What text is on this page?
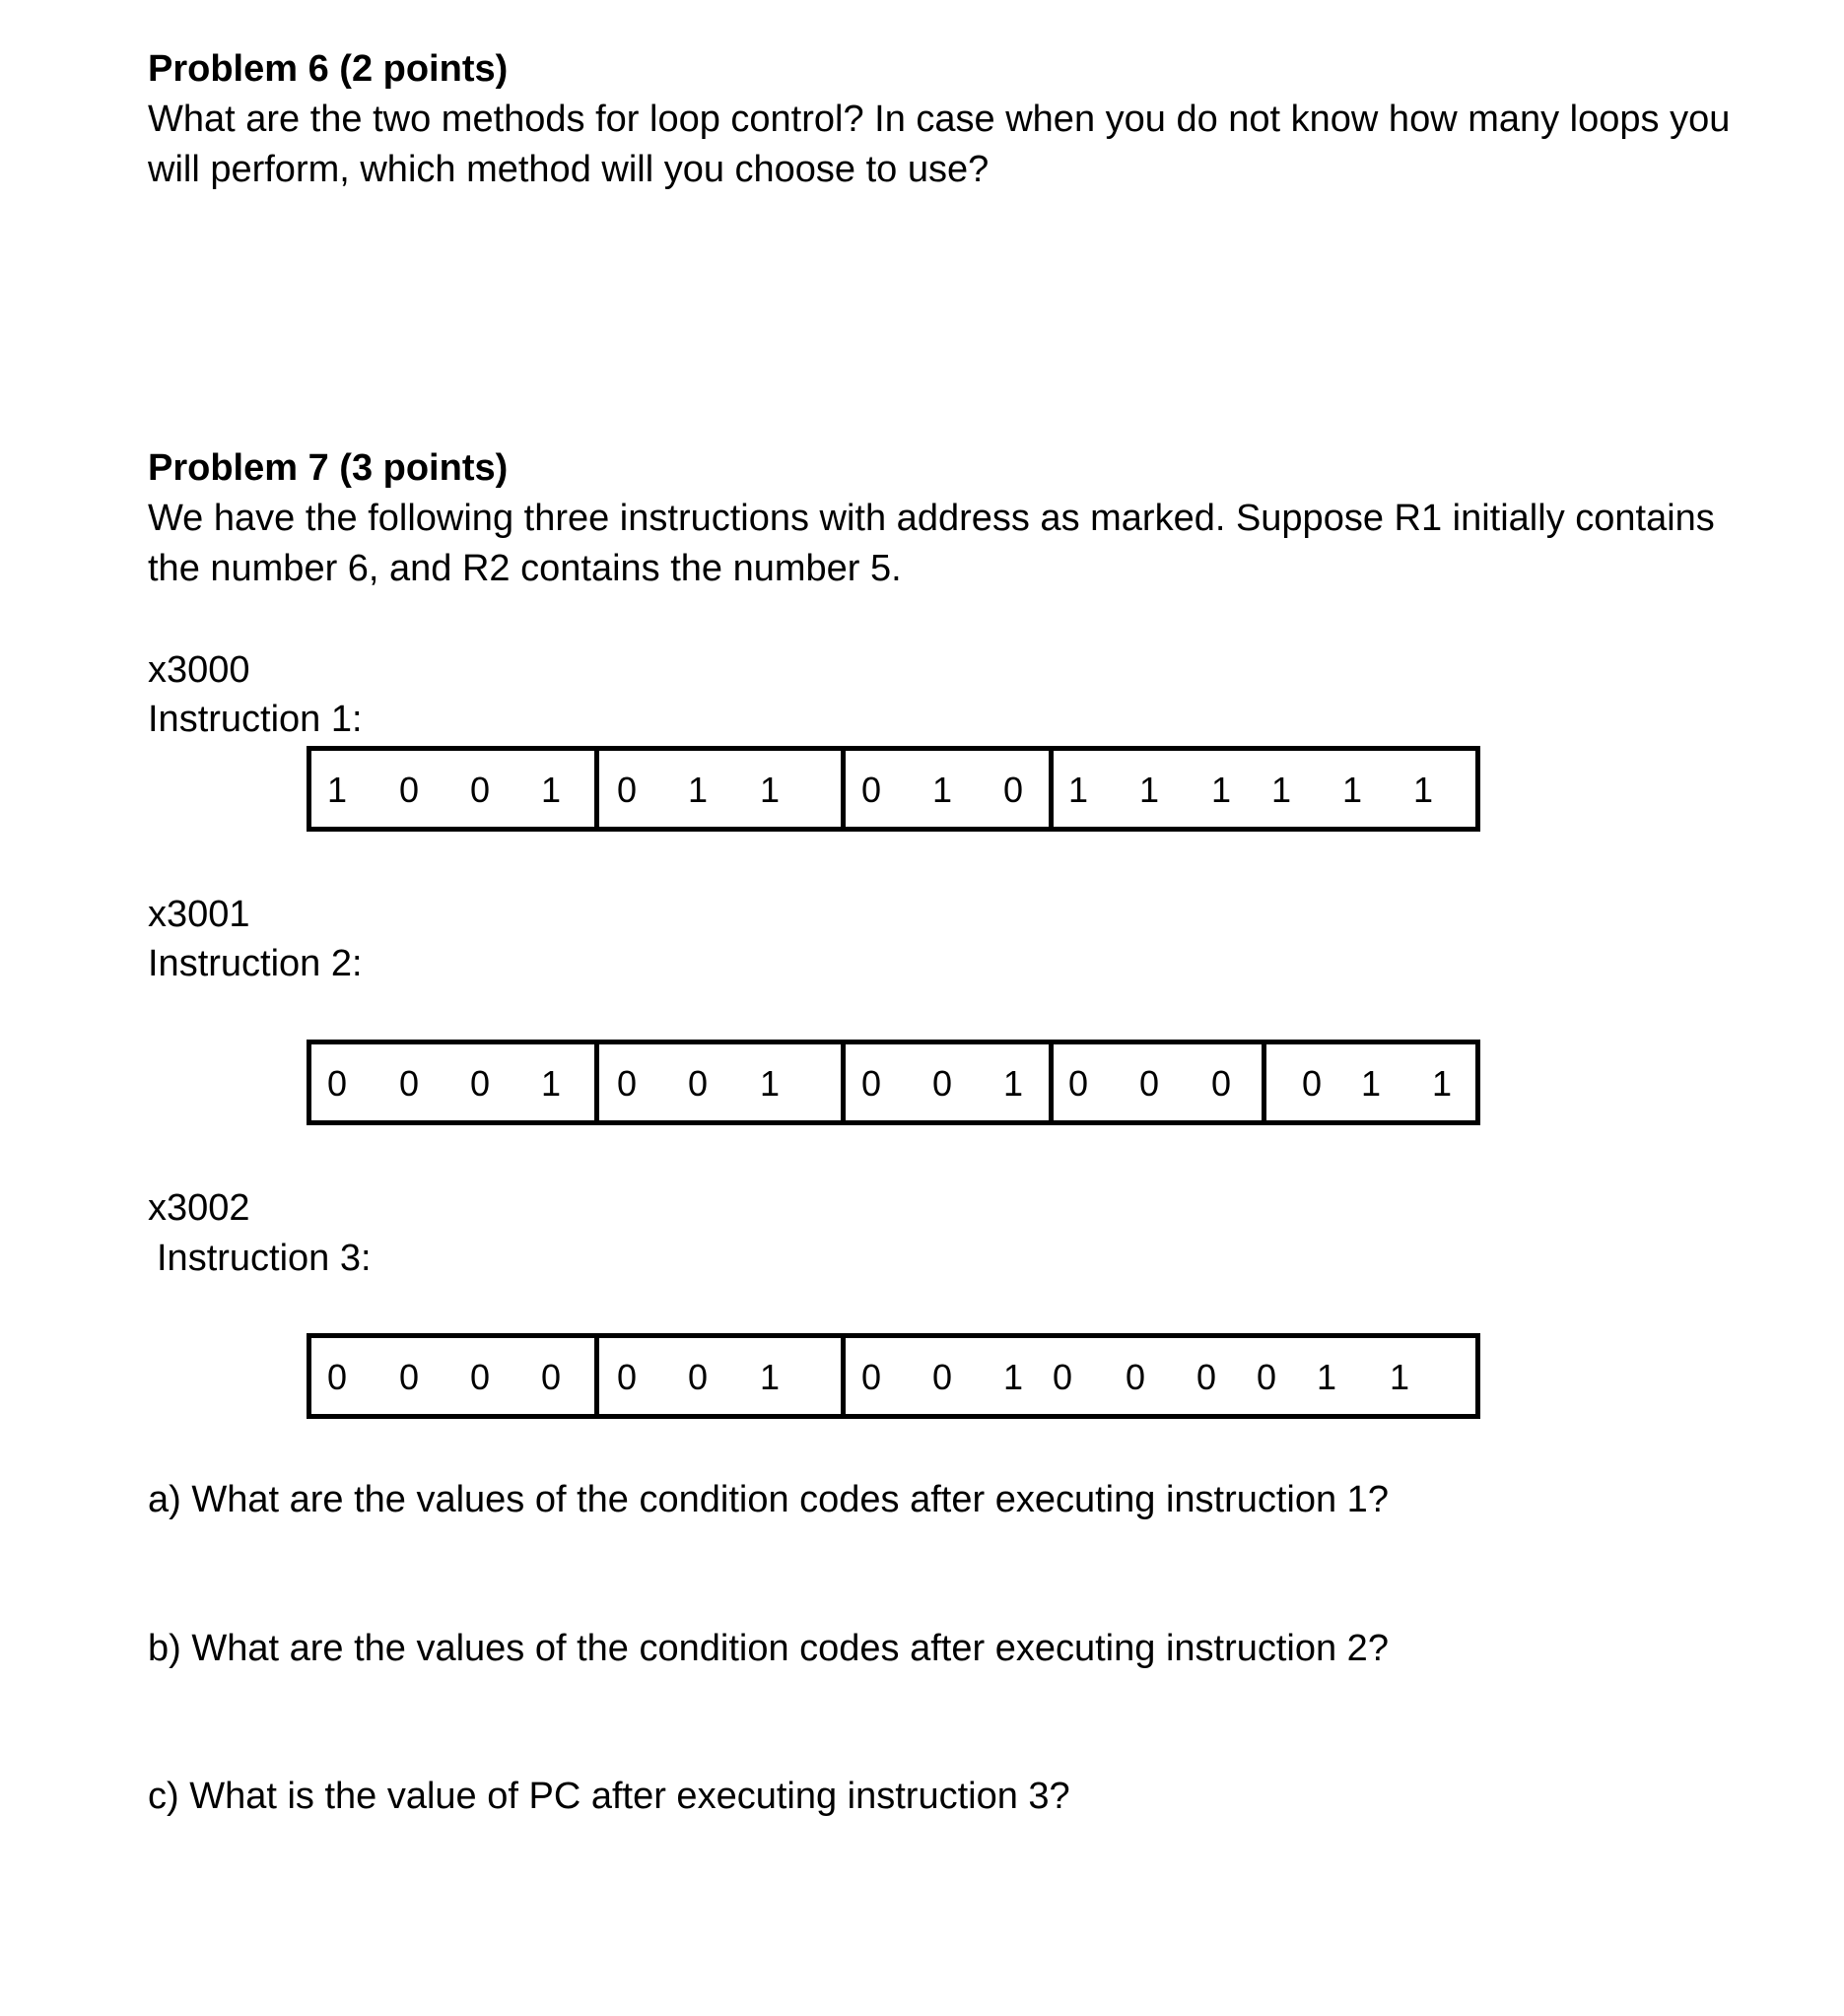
Problem 6 (2 points)
What are the two methods for loop control? In case when you do not know how many loops you
will perform, which method will you choose to use?
Problem 7 (3 points)
We have the following three instructions with address as marked. Suppose R1 initially contains
the number 6, and R2 contains the number 5.
x3000
Instruction 1:
1 0 0 1 0 1 1 0 1 0 1 1 1 1 1 1
x3001
Instruction 2:
0 0 0 1 0 0 1 0 0 1 0 0 0 0 1 1
x3002
Instruction 3:
0 0 0 0 0 0 1 0 0 1 0 0 0 0 1 1
a) What are the values of the condition codes after executing instruction 1?
b) What are the values of the condition codes after executing instruction 2?
c) What is the value of PC after executing instruction 3?
